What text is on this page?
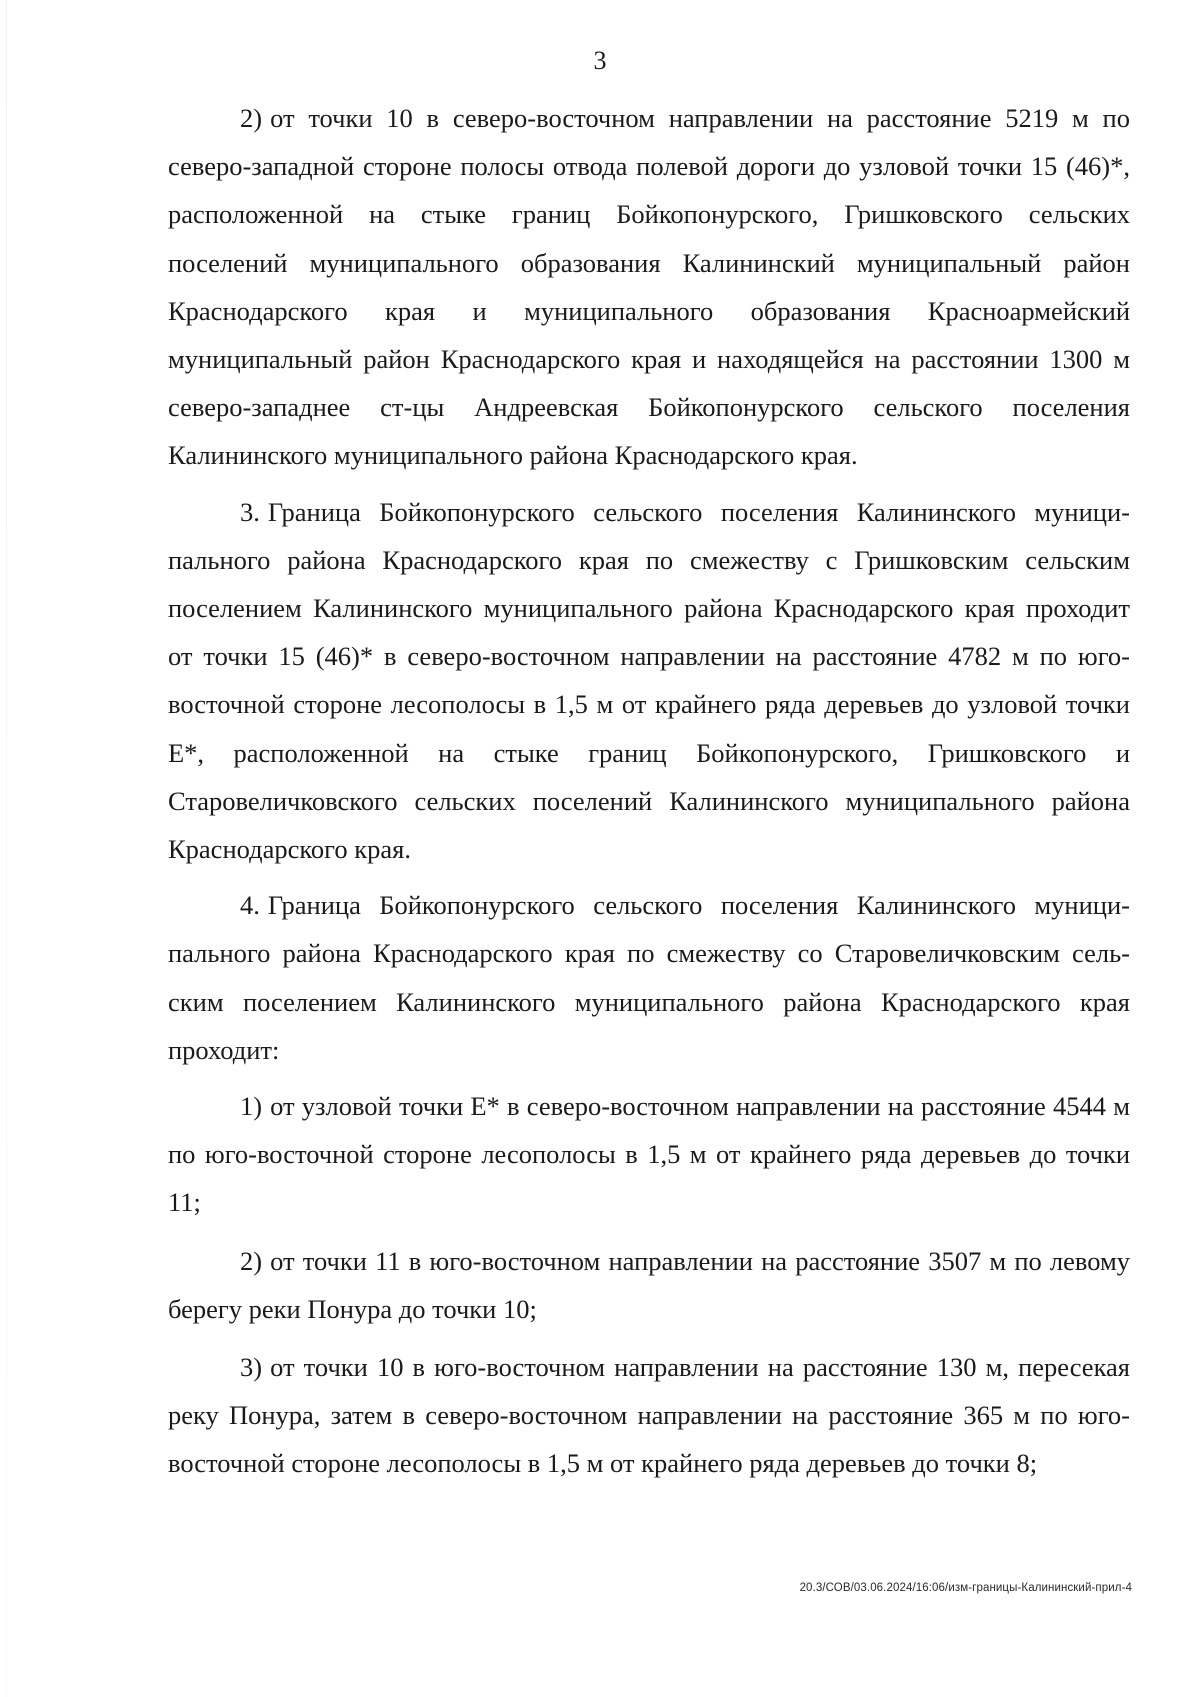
3

2) от точки 10 в северо-восточном направлении на расстояние 5219 м по северо-западной стороне полосы отвода полевой дороги до узловой точки 15 (46)*, расположенной на стыке границ Бойкопонурского, Гришковского сельских поселений муниципального образования Калининский муниципальный район Краснодарского края и муниципального образования Красноармейский муниципальный район Краснодарского края и находящейся на расстоянии 1300 м северо-западнее ст-цы Андреевская Бойкопонурского сельского поселения Калининского муниципального района Краснодарского края.

3. Граница Бойкопонурского сельского поселения Калининского муниципального района Краснодарского края по смежеству с Гришковским сельским поселением Калининского муниципального района Краснодарского края проходит от точки 15 (46)* в северо-восточном направлении на расстояние 4782 м по юго-восточной стороне лесополосы в 1,5 м от крайнего ряда деревьев до узловой точки Е*, расположенной на стыке границ Бойкопонурского, Гришковского и Старовеличковского сельских поселений Калининского муниципального района Краснодарского края.

4. Граница Бойкопонурского сельского поселения Калининского муниципального района Краснодарского края по смежеству со Старовеличковским сельским поселением Калининского муниципального района Краснодарского края проходит:

1) от узловой точки Е* в северо-восточном направлении на расстояние 4544 м по юго-восточной стороне лесополосы в 1,5 м от крайнего ряда деревьев до точки 11;

2) от точки 11 в юго-восточном направлении на расстояние 3507 м по левому берегу реки Понура до точки 10;

3) от точки 10 в юго-восточном направлении на расстояние 130 м, пересекая реку Понура, затем в северо-восточном направлении на расстояние 365 м по юго-восточной стороне лесополосы в 1,5 м от крайнего ряда деревьев до точки 8;

20.3/СОВ/03.06.2024/16:06/изм-границы-Калининский-прил-4
